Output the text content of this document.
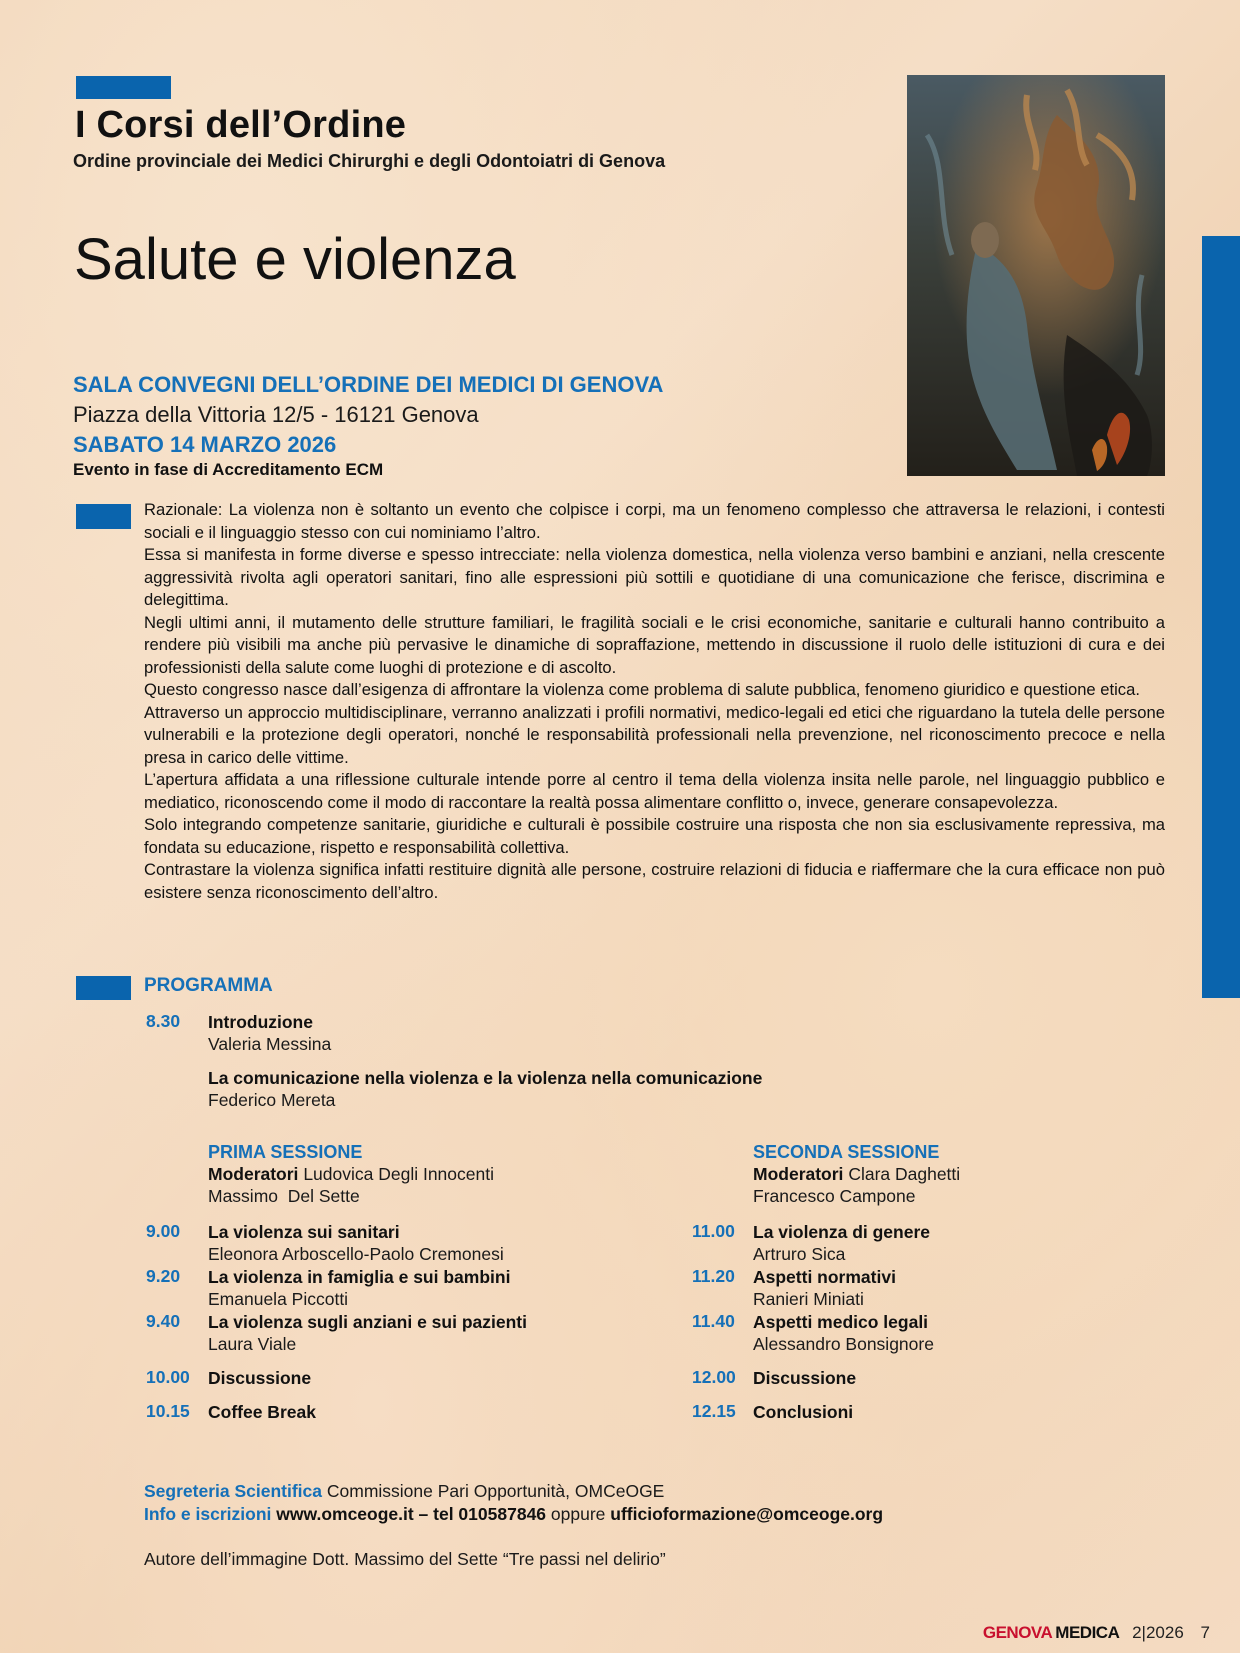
I Corsi dell’Ordine

Ordine provinciale dei Medici Chirurghi e degli Odontoiatri di Genova

Salute e violenza

SALA CONVEGNI DELL’ORDINE DEI MEDICI DI GENOVA

Piazza della Vittoria 12/5 - 16121 Genova

SABATO 14 MARZO 2026

Evento in fase di Accreditamento ECM

Razionale: La violenza non è soltanto un evento che colpisce i corpi, ma un fenomeno complesso che attraversa le relazioni, i contesti sociali e il linguaggio stesso con cui nominiamo l’altro.

Essa si manifesta in forme diverse e spesso intrecciate: nella violenza domestica, nella violenza verso bambini e anziani, nella crescente aggressività rivolta agli operatori sanitari, fino alle espressioni più sottili e quotidiane di una comunicazione che ferisce, discrimina e delegittima.

Negli ultimi anni, il mutamento delle strutture familiari, le fragilità sociali e le crisi economiche, sanitarie e culturali hanno contribuito a rendere più visibili ma anche più pervasive le dinamiche di sopraffazione, mettendo in discussione il ruolo delle istituzioni di cura e dei professionisti della salute come luoghi di protezione e di ascolto.

Questo congresso nasce dall’esigenza di affrontare la violenza come problema di salute pubblica, fenomeno giuridico e questione etica.

Attraverso un approccio multidisciplinare, verranno analizzati i profili normativi, medico-legali ed etici che riguardano la tutela delle persone vulnerabili e la protezione degli operatori, nonché le responsabilità professionali nella prevenzione, nel riconoscimento precoce e nella presa in carico delle vittime.

L’apertura affidata a una riflessione culturale intende porre al centro il tema della violenza insita nelle parole, nel linguaggio pubblico e mediatico, riconoscendo come il modo di raccontare la realtà possa alimentare conflitto o, invece, generare consapevolezza.

Solo integrando competenze sanitarie, giuridiche e culturali è possibile costruire una risposta che non sia esclusivamente repressiva, ma fondata su educazione, rispetto e responsabilità collettiva.

Contrastare la violenza significa infatti restituire dignità alle persone, costruire relazioni di fiducia e riaffermare che la cura efficace non può esistere senza riconoscimento dell’altro.

PROGRAMMA

8.30 Introduzione
Valeria Messina
La comunicazione nella violenza e la violenza nella comunicazione
Federico Mereta
PRIMA SESSIONE
Moderatori Ludovica Degli Innocenti
Massimo  Del Sette
SECONDA SESSIONE
Moderatori Clara Daghetti
Francesco Campone
9.00 La violenza sui sanitari
Eleonora Arboscello-Paolo Cremonesi
9.20 La violenza in famiglia e sui bambini
Emanuela Piccotti
9.40 La violenza sugli anziani e sui pazienti
Laura Viale
10.00 Discussione
10.15 Coffee Break
11.00 La violenza di genere
Artruro Sica
11.20 Aspetti normativi
Ranieri Miniati
11.40 Aspetti medico legali
Alessandro Bonsignore
12.00 Discussione
12.15 Conclusioni
Segreteria Scientifica Commissione Pari Opportunità, OMCeOGE
Info e iscrizioni www.omceoge.it – tel 010587846 oppure ufficioformazione@omceoge.org
Autore dell’immagine Dott. Massimo del Sette “Tre passi nel delirio”
GENOVA MEDICA 2|2026 7
